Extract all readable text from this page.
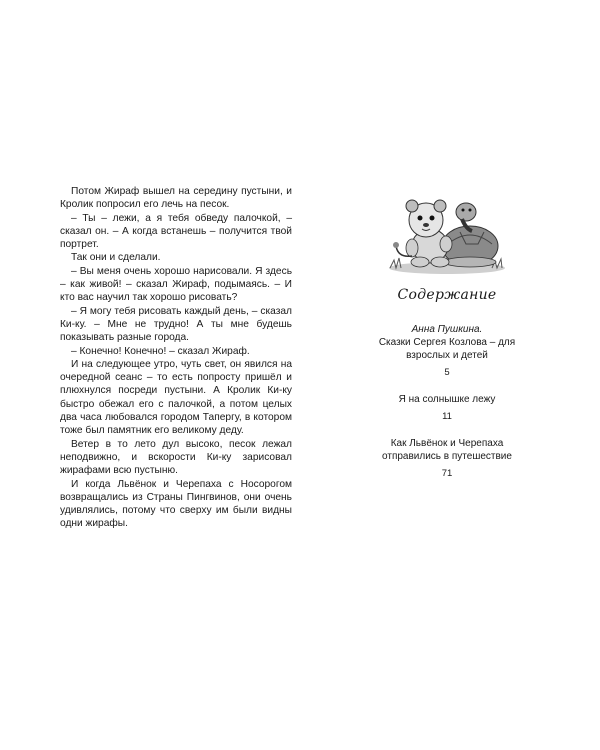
Потом Жираф вышел на середину пустыни, и Кролик попросил его лечь на песок.

– Ты – лежи, а я тебя обведу палочкой, – сказал он. – А когда встанешь – получится твой портрет.

Так они и сделали.

– Вы меня очень хорошо нарисовали. Я здесь – как живой! – сказал Жираф, подымаясь. – И кто вас научил так хорошо рисовать?

– Я могу тебя рисовать каждый день, – сказал Ки-ку. – Мне не трудно! А ты мне будешь показывать разные города.

– Конечно! Конечно! – сказал Жираф.

И на следующее утро, чуть свет, он явился на очередной сеанс – то есть попросту пришёл и плюхнулся посреди пустыни. А Кролик Ки-ку быстро обежал его с палочкой, а потом целых два часа любовался городом Тапергу, в котором тоже был памятник его великому деду.

Ветер в то лето дул высоко, песок лежал неподвижно, и вскорости Ки-ку зарисовал жирафами всю пустыню.

И когда Львёнок и Черепаха с Носорогом возвращались из Страны Пингвинов, они очень удивлялись, потому что сверху им были видны одни жирафы.

Содержание
Анна Пушкина.
Сказки Сергея Козлова – для взрослых и детей
5
Я на солнышке лежу
11
Как Львёнок и Черепаха отправились в путешествие
71
